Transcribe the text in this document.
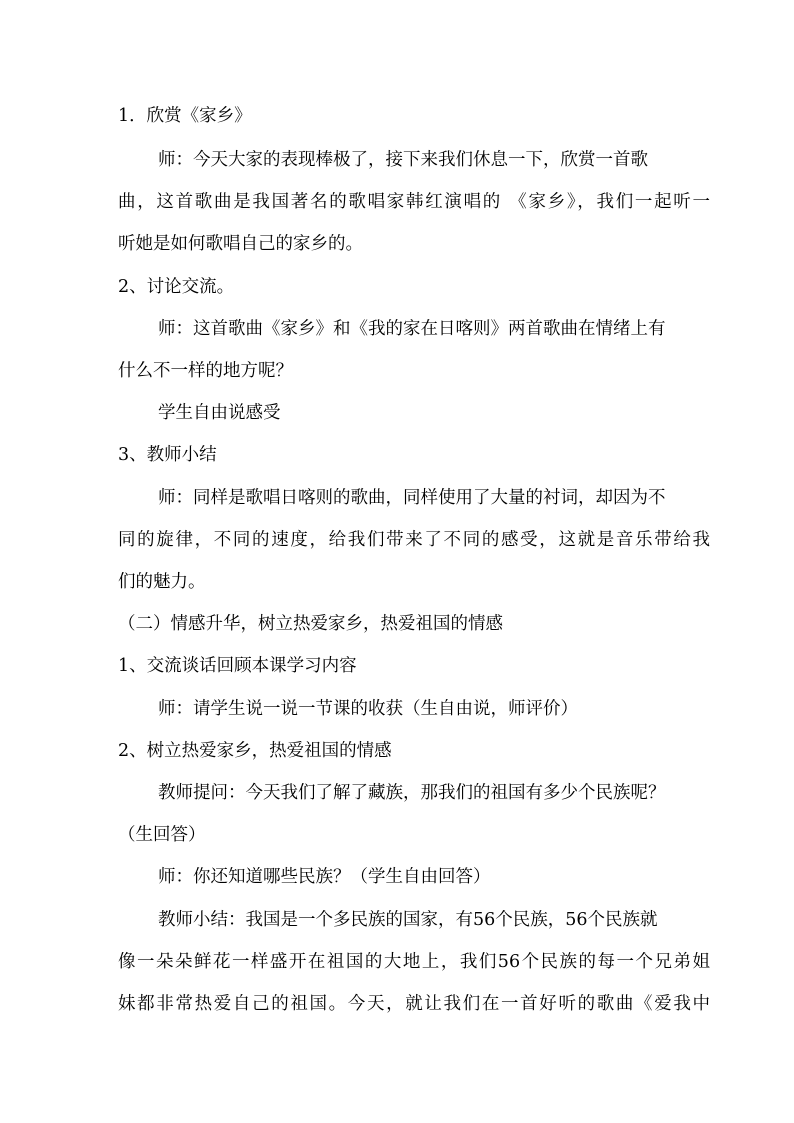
1．欣赏《家乡》
师：今天大家的表现棒极了，接下来我们休息一下，欣赏一首歌
曲，这首歌曲是我国著名的歌唱家韩红演唱的 《家乡》，我们一起听一
听她是如何歌唱自己的家乡的。
2、讨论交流。
师：这首歌曲《家乡》和《我的家在日喀则》两首歌曲在情绪上有
什么不一样的地方呢？
学生自由说感受
3、教师小结
师：同样是歌唱日喀则的歌曲，同样使用了大量的衬词，却因为不
同的旋律，不同的速度，给我们带来了不同的感受，这就是音乐带给我
们的魅力。
（二）情感升华，树立热爱家乡，热爱祖国的情感
1、交流谈话回顾本课学习内容
师：请学生说一说一节课的收获（生自由说，师评价）
2、树立热爱家乡，热爱祖国的情感
教师提问：今天我们了解了藏族，那我们的祖国有多少个民族呢？
（生回答）
师：你还知道哪些民族？（学生自由回答）
教师小结：我国是一个多民族的国家，有56个民族，56个民族就
像一朵朵鲜花一样盛开在祖国的大地上，我们56个民族的每一个兄弟姐
妹都非常热爱自己的祖国。今天，就让我们在一首好听的歌曲《爱我中
